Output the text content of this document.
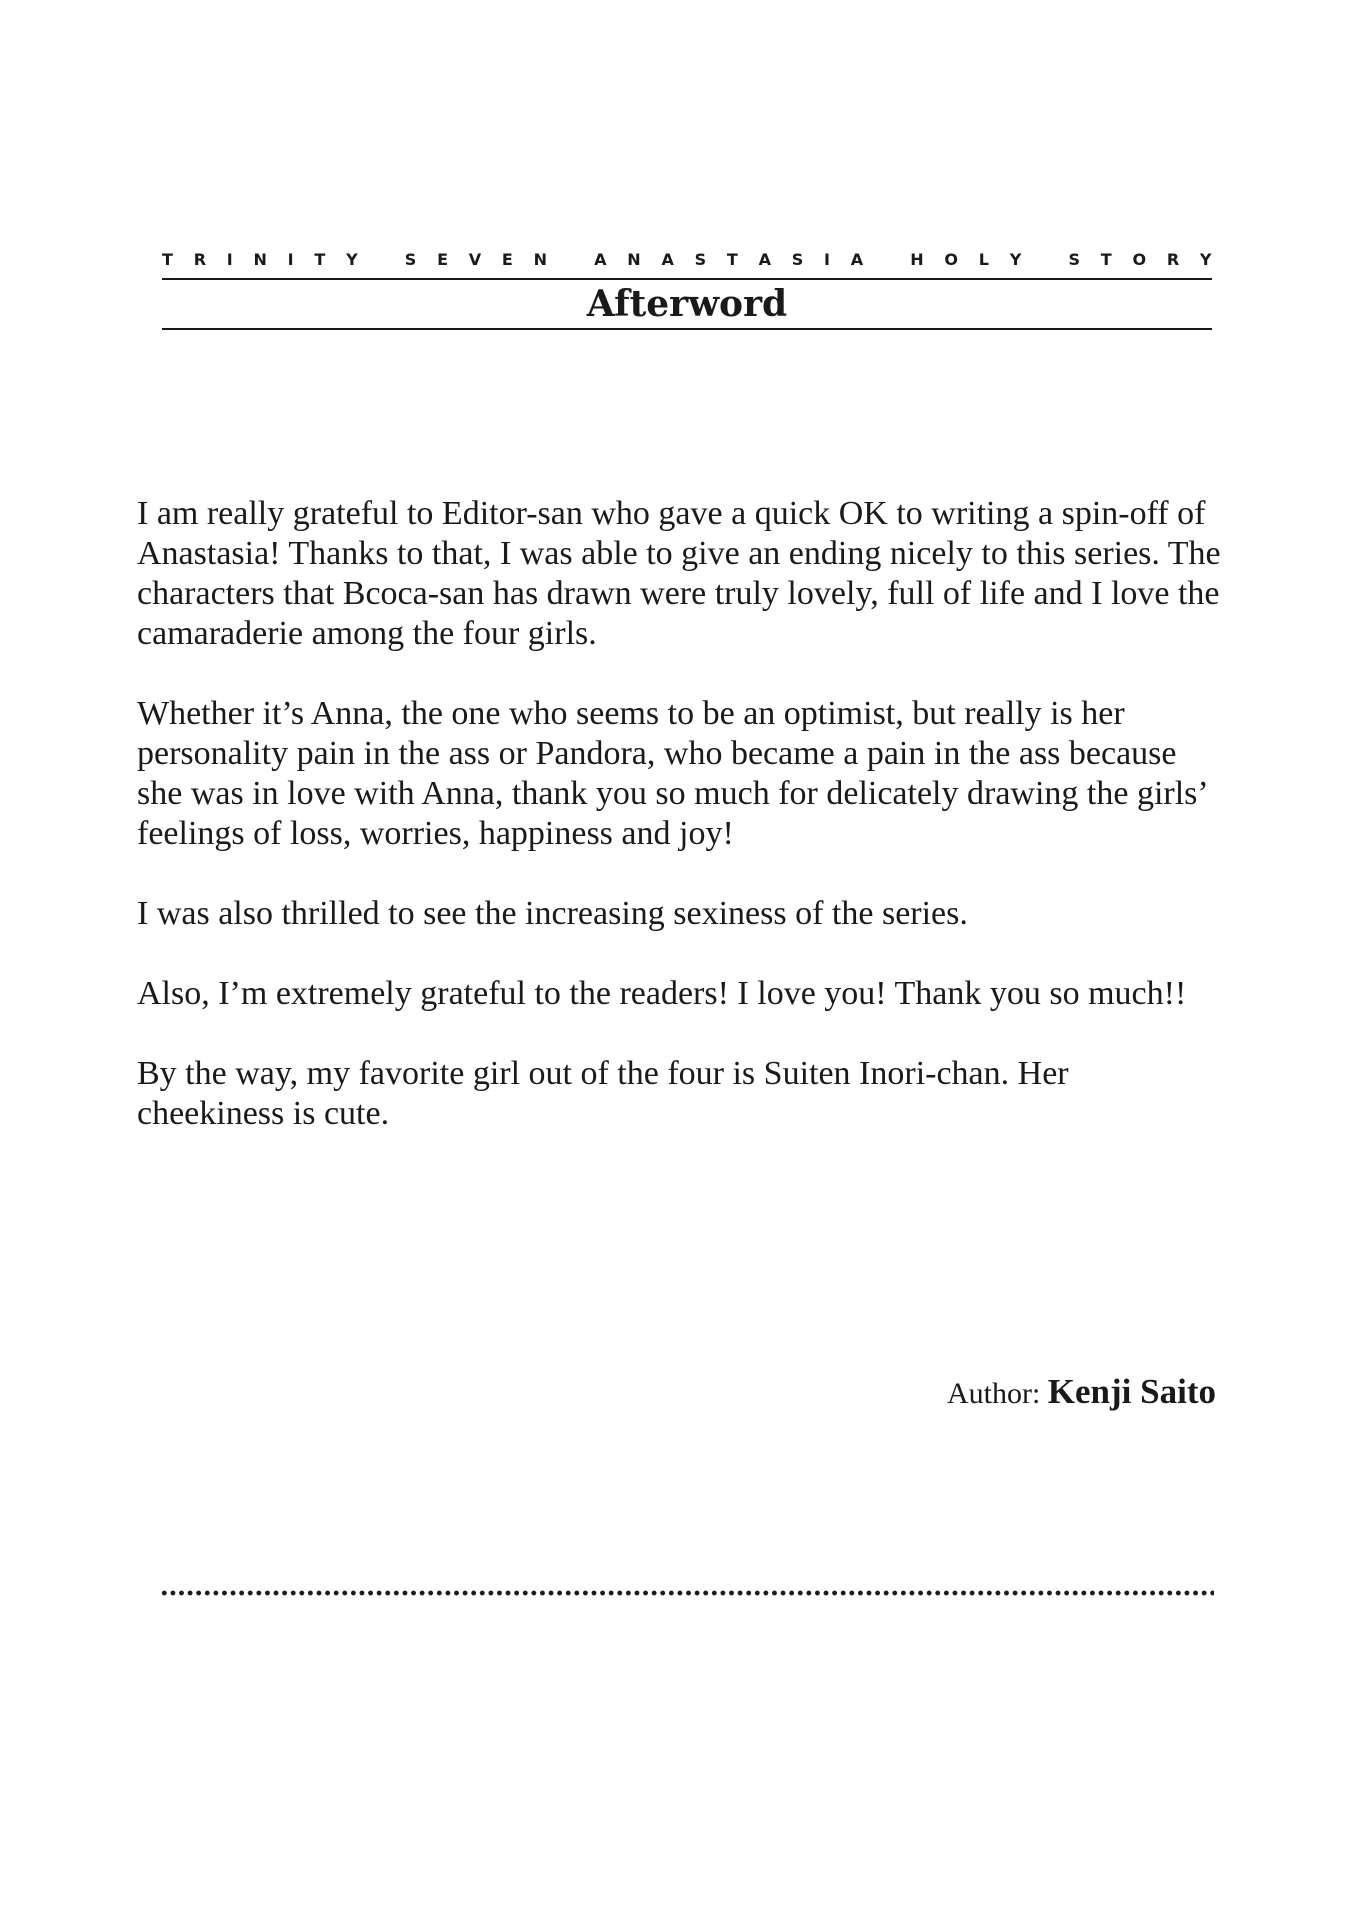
T R I N I T Y
	S E V E N
	A N A S T A S I A
	H O L Y
	S T O R Y
Afterword

I am really grateful to Editor-san who gave a quick OK to writing a spin-off of Anastasia! Thanks to that, I was able to give an ending nicely to this series. The characters that Bcoca-san has drawn were truly lovely, full of life and I love the camaraderie among the four girls.

Whether it’s Anna, the one who seems to be an optimist, but really is her personality pain in the ass or Pandora, who became a pain in the ass because she was in love with Anna, thank you so much for delicately drawing the girls’ feelings of loss, worries, happiness and joy!

I was also thrilled to see the increasing sexiness of the series.

Also, I’m extremely grateful to the readers! I love you! Thank you so much!!

By the way, my favorite girl out of the four is Suiten Inori-chan. Her cheekiness is cute.

Author: Kenji Saito
